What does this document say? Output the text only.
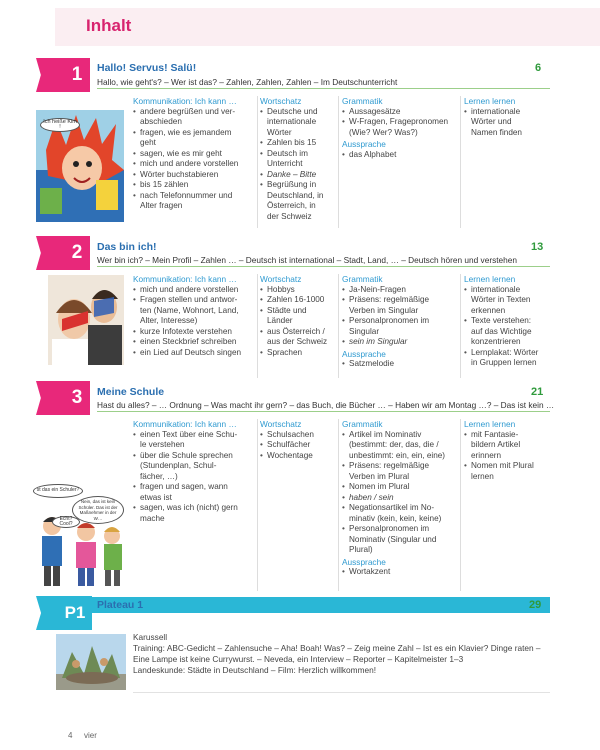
Inhalt
1	Hallo! Servus! Salü!	6
Hallo, wie geht's? – Wer ist das? – Zahlen, Zahlen, Zahlen – Im Deutschunterricht
Ich heiße Kim !
Kommunikation: Ich kann …
• andere begrüßen und ver-
abschieden
• fragen, wie es jemandem
geht
• sagen, wie es mir geht
• mich und andere vorstellen
• Wörter buchstabieren
• bis 15 zählen
• nach Telefonnummer und
Alter fragen
Wortschatz
• Deutsche und
internationale
Wörter
• Zahlen bis 15
• Deutsch im
Unterricht
• Danke – Bitte
• Begrüßung in
Deutschland, in
Österreich, in
der Schweiz
Grammatik
• Aussagesätze
• W-Fragen, Fragepronomen (Wie? Wer? Was?)
Aussprache
• das Alphabet
Lernen lernen
• internationale
Wörter und
Namen finden
2	Das bin ich!	13
Wer bin ich? – Mein Profil – Zahlen … – Deutsch ist international – Stadt, Land, … – Deutsch hören und verstehen
Kommunikation: Ich kann …
• mich und andere vorstellen
• Fragen stellen und antwor-
ten (Name, Wohnort, Land,
Alter, Interesse)
• kurze Infotexte verstehen
• einen Steckbrief schreiben
• ein Lied auf Deutsch singen
Wortschatz
• Hobbys
• Zahlen 16-1000
• Städte und
Länder
• aus Österreich /
aus der Schweiz
• Sprachen
Grammatik
• Ja-Nein-Fragen
• Präsens: regelmäßige
Verben im Singular
• Personalpronomen im
Singular
• sein im Singular
Aussprache
• Satzmelodie
Lernen lernen
• internationale
Wörter in Texten
erkennen
• Texte verstehen:
auf das Wichtige
konzentrieren
• Lernplakat: Wörter
in Gruppen lernen
3	Meine Schule	21
Hast du alles? – … Ordnung – Was macht ihr gern? – das Buch, die Bücher … – Haben wir am Montag …? – Das ist kein …
st das ein Schuler?
Nein, das ist kein Schüler. Das ist der Maßnehmer in der W…
Echt? Cool?
Kommunikation: Ich kann …
• einen Text über eine Schu-
le verstehen
• über die Schule sprechen
(Stundenplan, Schul-
fächer, …)
• fragen und sagen, wann
etwas ist
• sagen, was ich (nicht) gern
mache
Wortschatz
• Schulsachen
• Schulfächer
• Wochentage
Grammatik
• Artikel im Nominativ
(bestimmt: der, das, die /
unbestimmt: ein, ein, eine)
• Präsens: regelmäßige
Verben im Plural
• Nomen im Plural
• haben / sein
• Negationsartikel im No-
minativ (kein, kein, keine)
• Personalpronomen im
Nominativ (Singular und
Plural)
Aussprache
• Wortakzent
Lernen lernen
• mit Fantasie-
bildern Artikel
erinnern
• Nomen mit Plural
lernen
P1	Plateau 1	29
Karussell
Training: ABC-Gedicht – Zahlensuche – Aha! Boah! Was? – Zeig meine Zahl – Ist es ein Klavier? Dinge raten – Eine Lampe ist keine Currywurst. – Neveda, ein Interview – Reporter – Kapitelmeister 1–3
Landeskunde: Städte in Deutschland – Film: Herzlich willkommen!
4 vier
